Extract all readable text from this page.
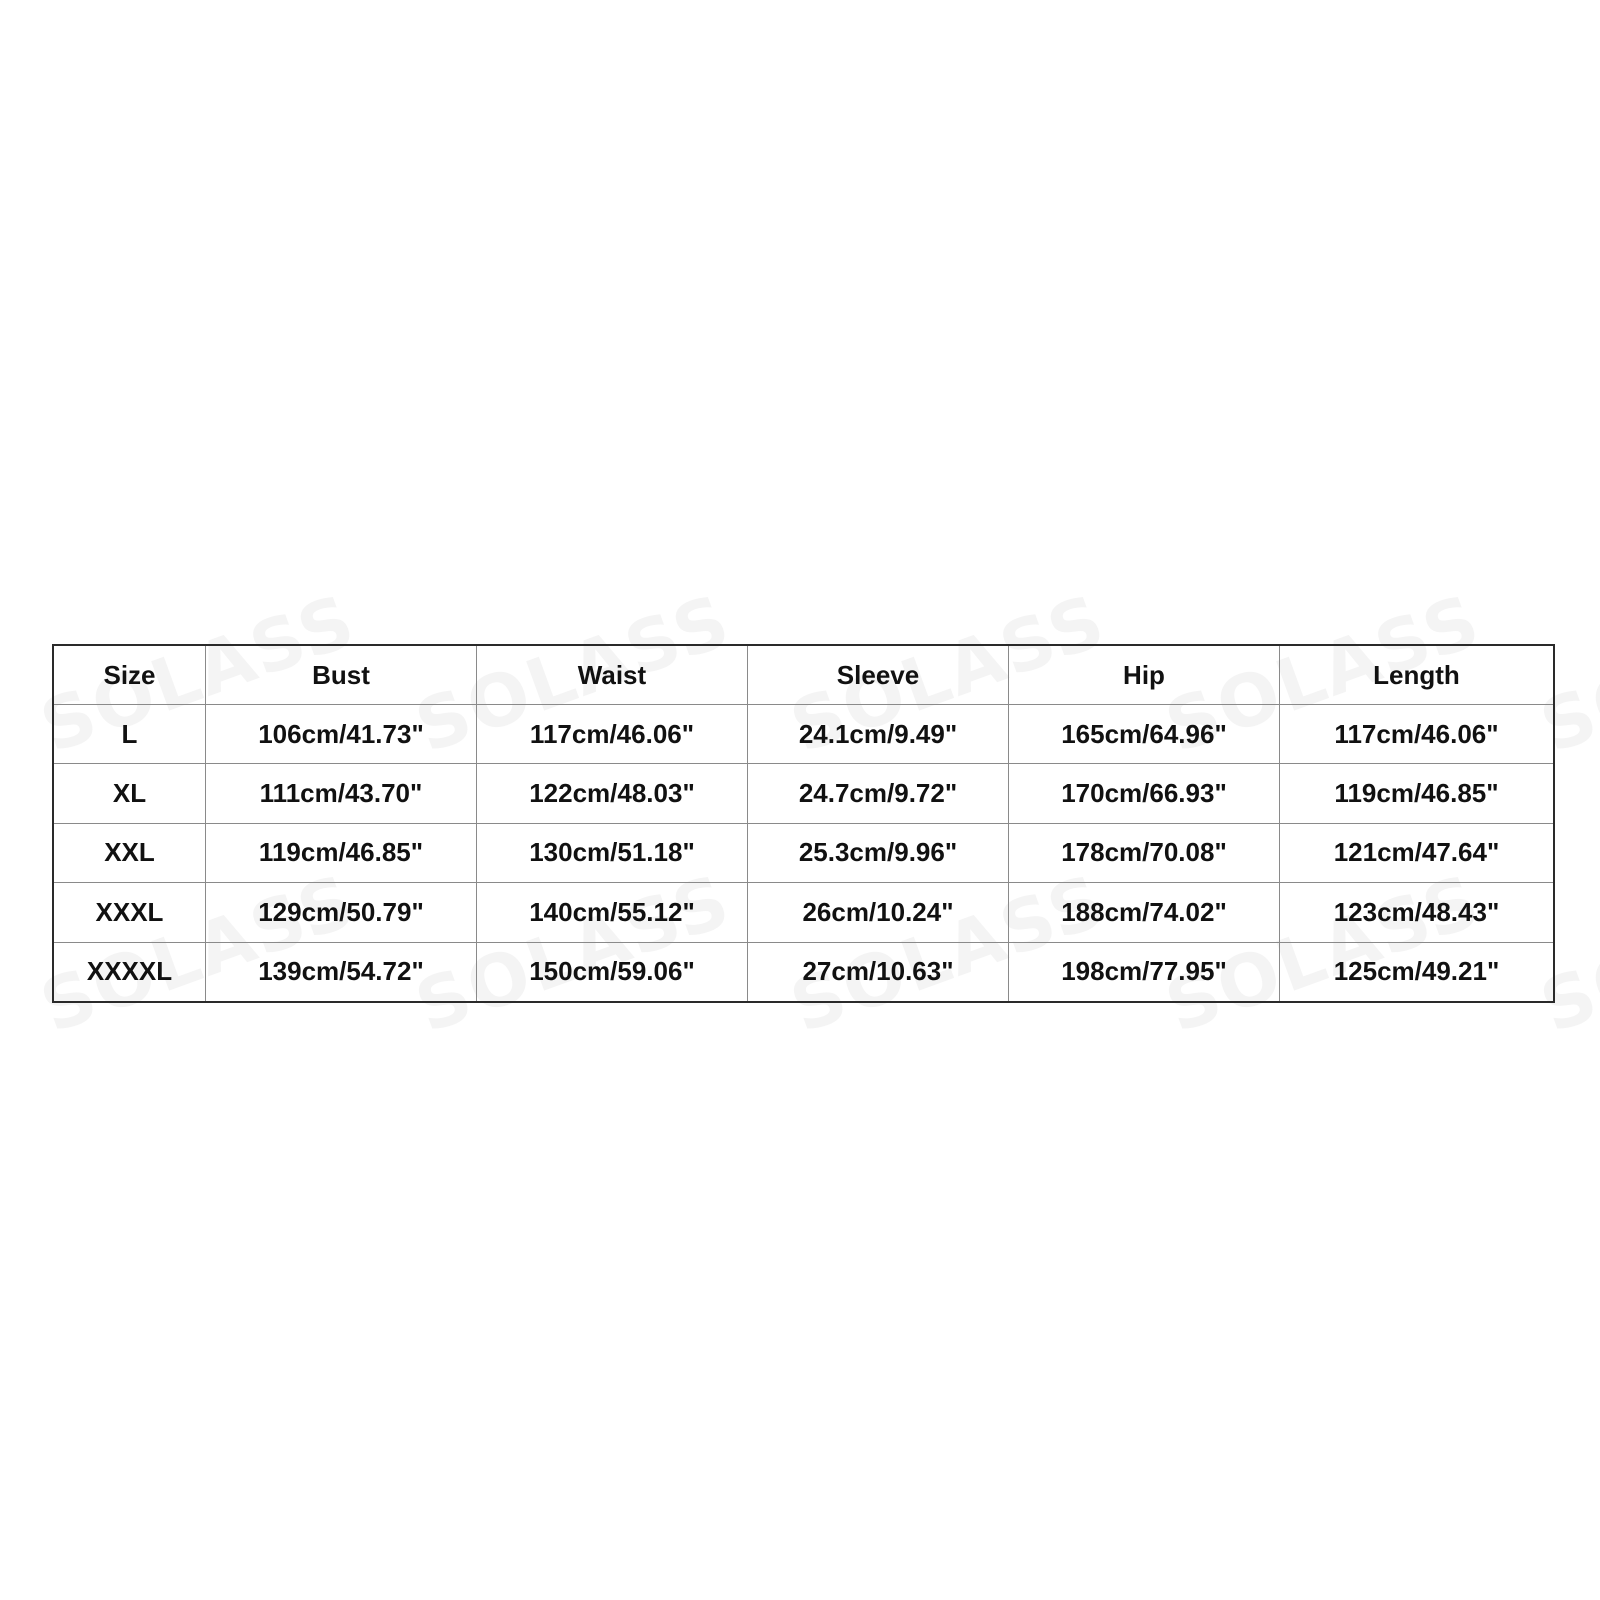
Size	Bust	Waist	Sleeve	Hip	Length
L	106cm/41.73"	117cm/46.06"	24.1cm/9.49"	165cm/64.96"	117cm/46.06"
XL	111cm/43.70"	122cm/48.03"	24.7cm/9.72"	170cm/66.93"	119cm/46.85"
XXL	119cm/46.85"	130cm/51.18"	25.3cm/9.96"	178cm/70.08"	121cm/47.64"
XXXL	129cm/50.79"	140cm/55.12"	26cm/10.24"	188cm/74.02"	123cm/48.43"
XXXXL	139cm/54.72"	150cm/59.06"	27cm/10.63"	198cm/77.95"	125cm/49.21"
